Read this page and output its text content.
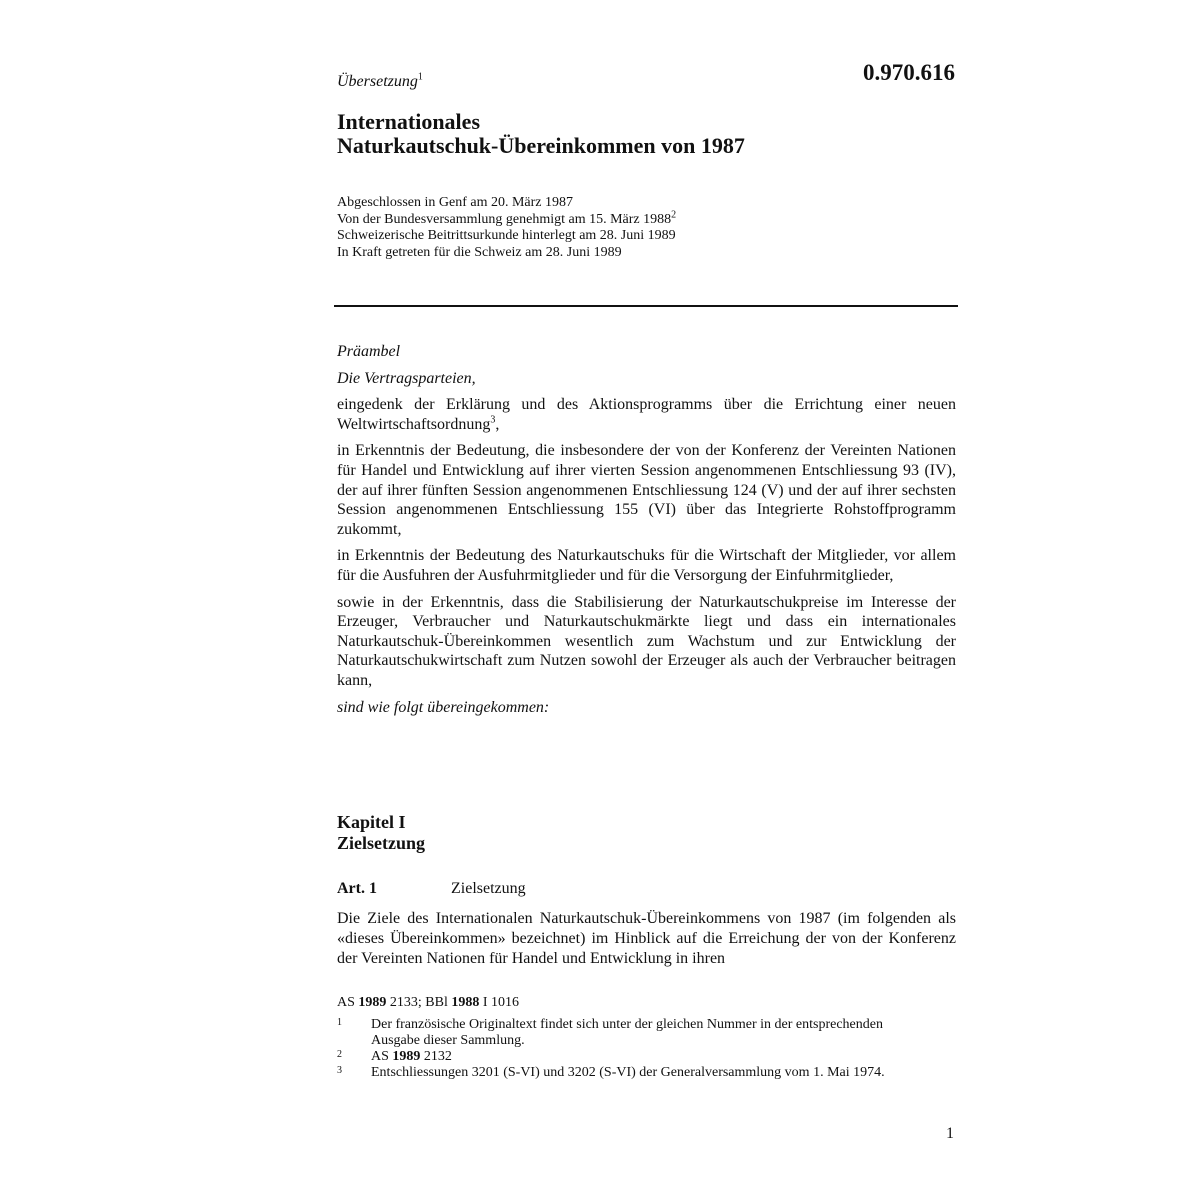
0.970.616
Übersetzung$^1$
Internationales
Naturkautschuk-Übereinkommen von 1987
Abgeschlossen in Genf am 20. März 1987
Von der Bundesversammlung genehmigt am 15. März 1988$^2$
Schweizerische Beitrittsurkunde hinterlegt am 28. Juni 1989
In Kraft getreten für die Schweiz am 28. Juni 1989

Präambel

Die Vertragsparteien,

eingedenk der Erklärung und des Aktionsprogramms über die Errichtung einer neuen Weltwirtschaftsordnung$^3$,

in Erkenntnis der Bedeutung, die insbesondere der von der Konferenz der Vereinten Nationen für Handel und Entwicklung auf ihrer vierten Session angenommenen Entschliessung 93 (IV), der auf ihrer fünften Session angenommenen Entschliessung 124 (V) und der auf ihrer sechsten Session angenommenen Entschliessung 155 (VI) über das Integrierte Rohstoffprogramm zukommt,

in Erkenntnis der Bedeutung des Naturkautschuks für die Wirtschaft der Mitglieder, vor allem für die Ausfuhren der Ausfuhrmitglieder und für die Versorgung der Einfuhrmitglieder,

sowie in der Erkenntnis, dass die Stabilisierung der Naturkautschukpreise im Interesse der Erzeuger, Verbraucher und Naturkautschukmärkte liegt und dass ein internationales Naturkautschuk-Übereinkommen wesentlich zum Wachstum und zur Entwicklung der Naturkautschukwirtschaft zum Nutzen sowohl der Erzeuger als auch der Verbraucher beitragen kann,

sind wie folgt übereingekommen:

Kapitel I
Zielsetzung
Art. 1	Zielsetzung
Die Ziele des Internationalen Naturkautschuk-Übereinkommens von 1987 (im folgenden als «dieses Übereinkommen» bezeichnet) im Hinblick auf die Erreichung der von der Konferenz der Vereinten Nationen für Handel und Entwicklung in ihren
AS 1989 2133; BBl 1988 I 1016
1 Der französische Originaltext findet sich unter der gleichen Nummer in der entsprechenden Ausgabe dieser Sammlung.
2 AS 1989 2132
3 Entschliessungen 3201 (S-VI) und 3202 (S-VI) der Generalversammlung vom 1. Mai 1974.
1
